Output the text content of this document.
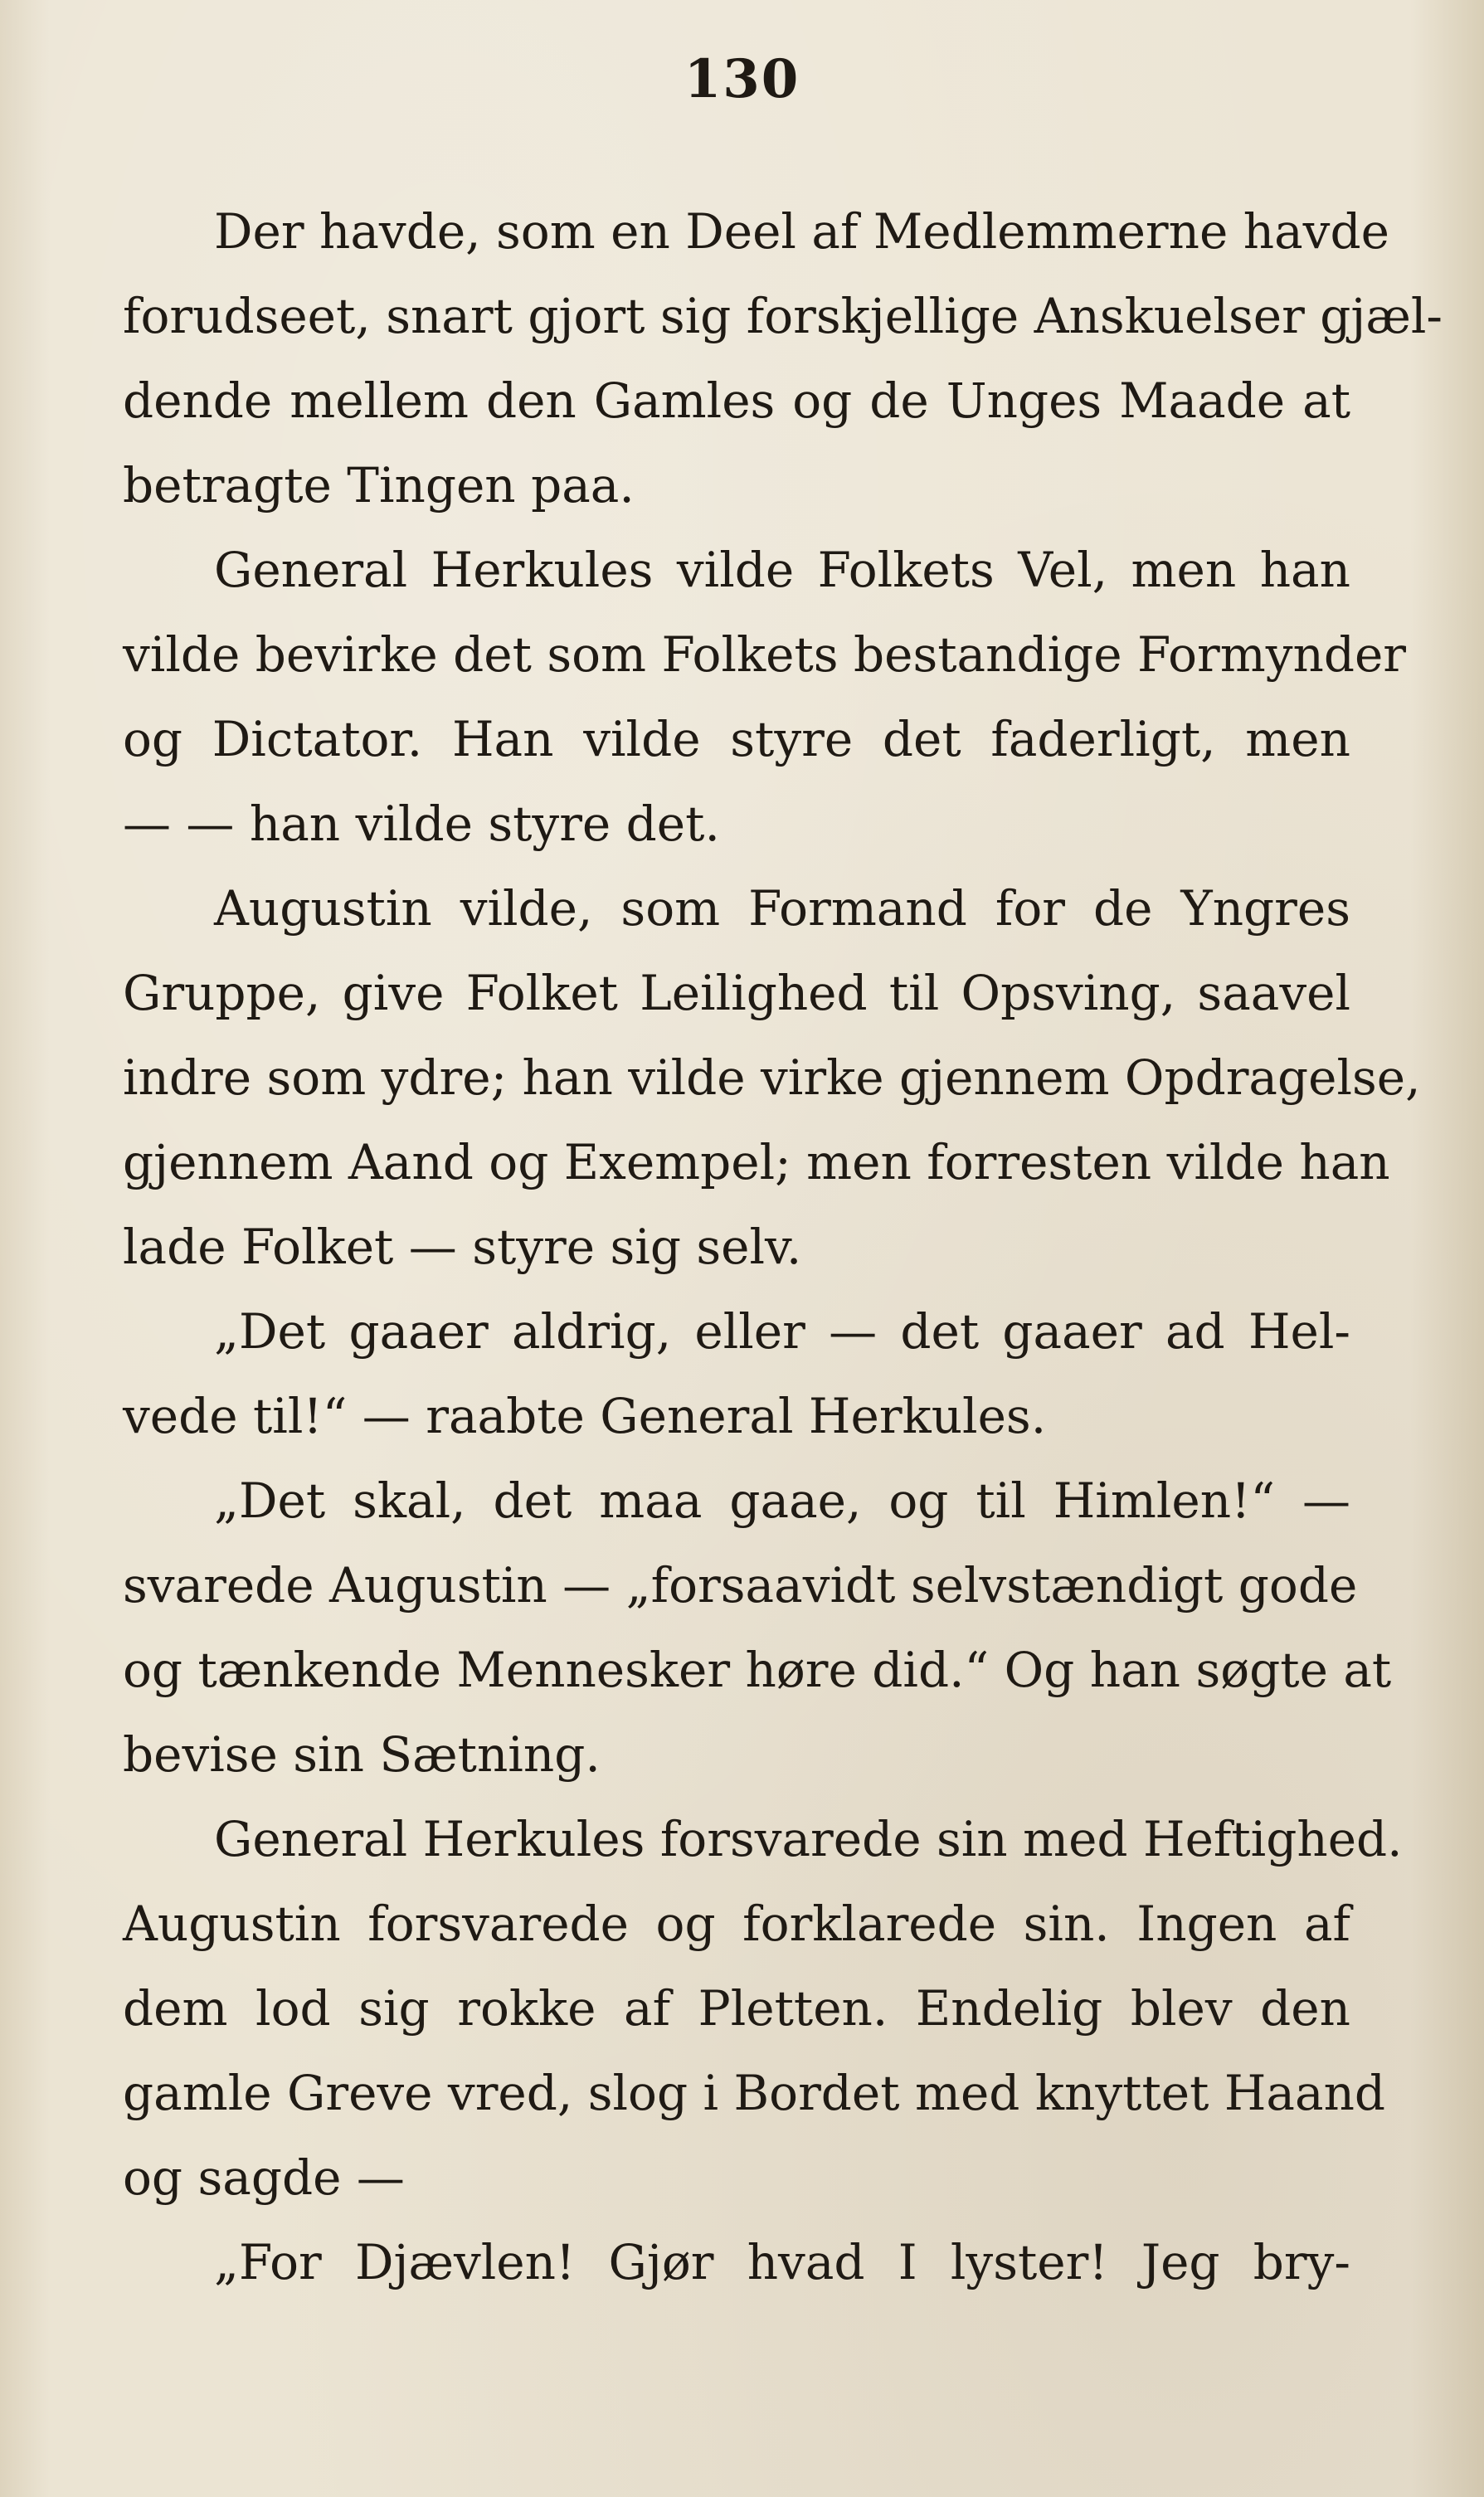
130
Der havde, som en Deel af Medlemmerne havde
forudseet, snart gjort sig forskjellige Anskuelser gjæl-
dende mellem den Gamles og de Unges Maade at
betragte Tingen paa.
General Herkules vilde Folkets Vel, men han
vilde bevirke det som Folkets bestandige Formynder
og Dictator. Han vilde styre det faderligt, men
— — han vilde styre det.
Augustin vilde, som Formand for de Yngres
Gruppe, give Folket Leilighed til Opsving, saavel
indre som ydre; han vilde virke gjennem Opdragelse,
gjennem Aand og Exempel; men forresten vilde han
lade Folket — styre sig selv.
„Det gaaer aldrig, eller — det gaaer ad Hel-
vede til!“ — raabte General Herkules.
„Det skal, det maa gaae, og til Himlen!“ —
svarede Augustin — „forsaavidt selvstændigt gode
og tænkende Mennesker høre did.“ Og han søgte at
bevise sin Sætning.
General Herkules forsvarede sin med Heftighed.
Augustin forsvarede og forklarede sin. Ingen af
dem lod sig rokke af Pletten. Endelig blev den
gamle Greve vred, slog i Bordet med knyttet Haand
og sagde —
„For Djævlen! Gjør hvad I lyster! Jeg bry-
